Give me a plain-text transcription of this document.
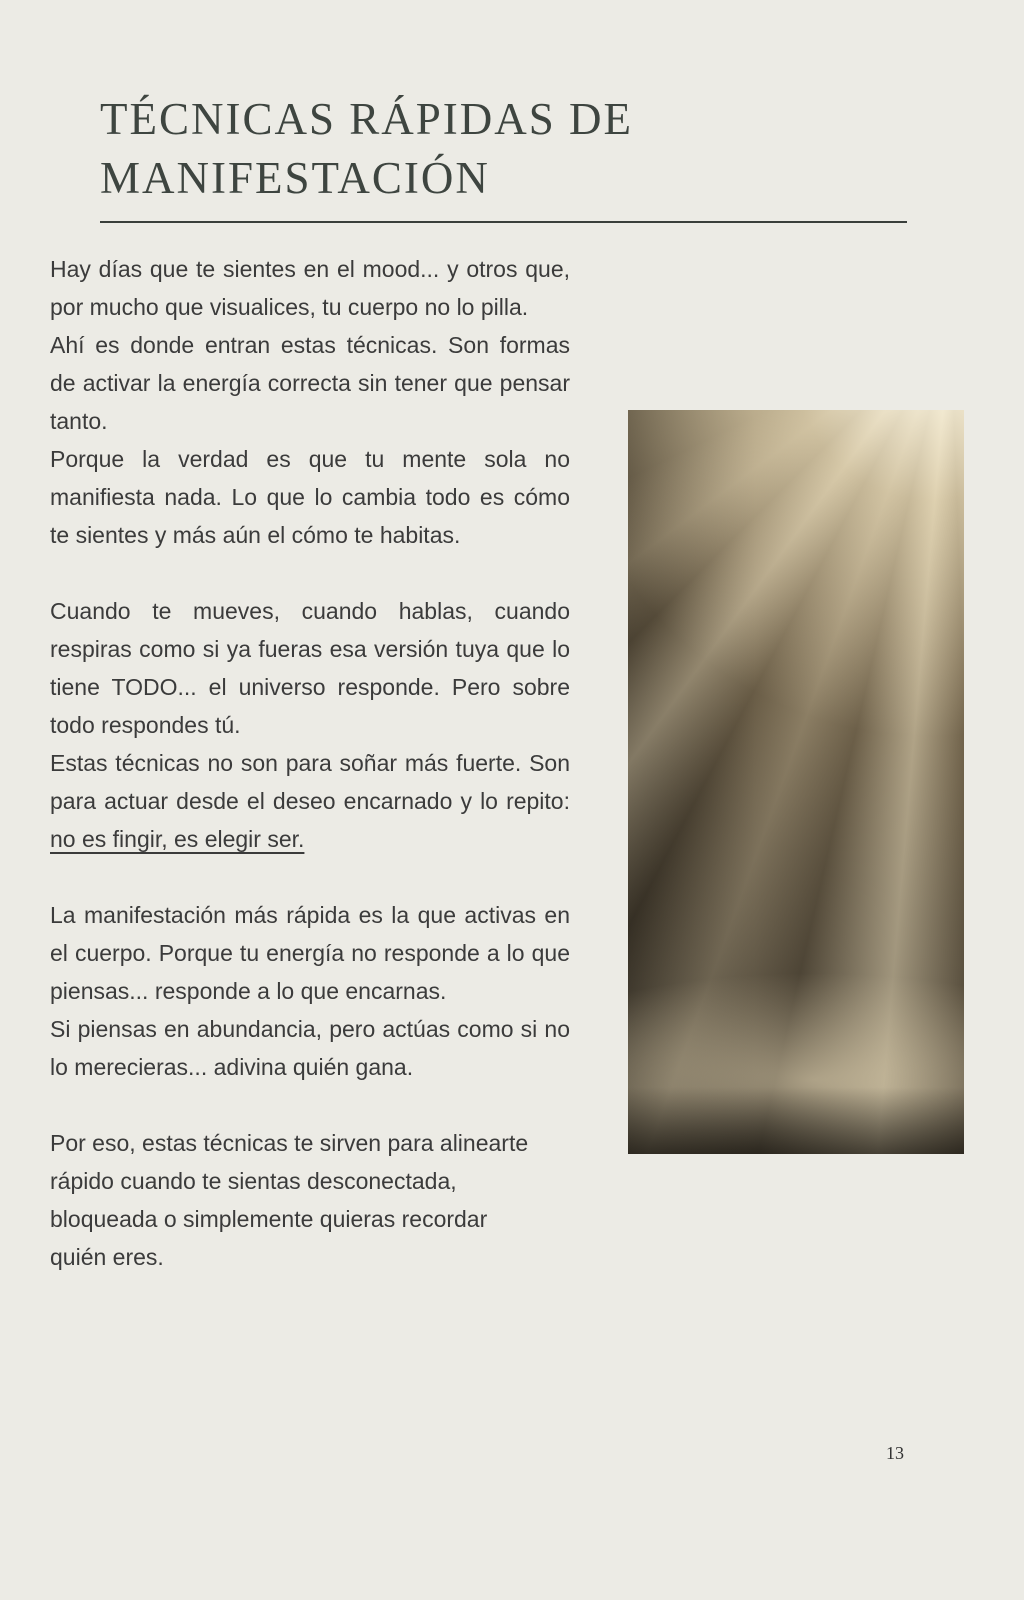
TÉCNICAS RÁPIDAS DE
MANIFESTACIÓN

Hay días que te sientes en el mood... y otros que, por mucho que visualices, tu cuerpo no lo pilla.

Ahí es donde entran estas técnicas. Son formas de activar la energía correcta sin tener que pensar tanto.

Porque la verdad es que tu mente sola no manifiesta nada. Lo que lo cambia todo es cómo te sientes y más aún el cómo te habitas.

Cuando te mueves, cuando hablas, cuando respiras como si ya fueras esa versión tuya que lo tiene TODO... el universo responde. Pero sobre todo respondes tú.

Estas técnicas no son para soñar más fuerte. Son para actuar desde el deseo encarnado y lo repito: no es fingir, es elegir ser.

La manifestación más rápida es la que activas en el cuerpo. Porque tu energía no responde a lo que piensas... responde a lo que encarnas.

Si piensas en abundancia, pero actúas como si no lo merecieras... adivina quién gana.

Por eso, estas técnicas te sirven para alinearte rápido cuando te sientas desconectada, bloqueada o simplemente quieras recordar quién eres.

13
